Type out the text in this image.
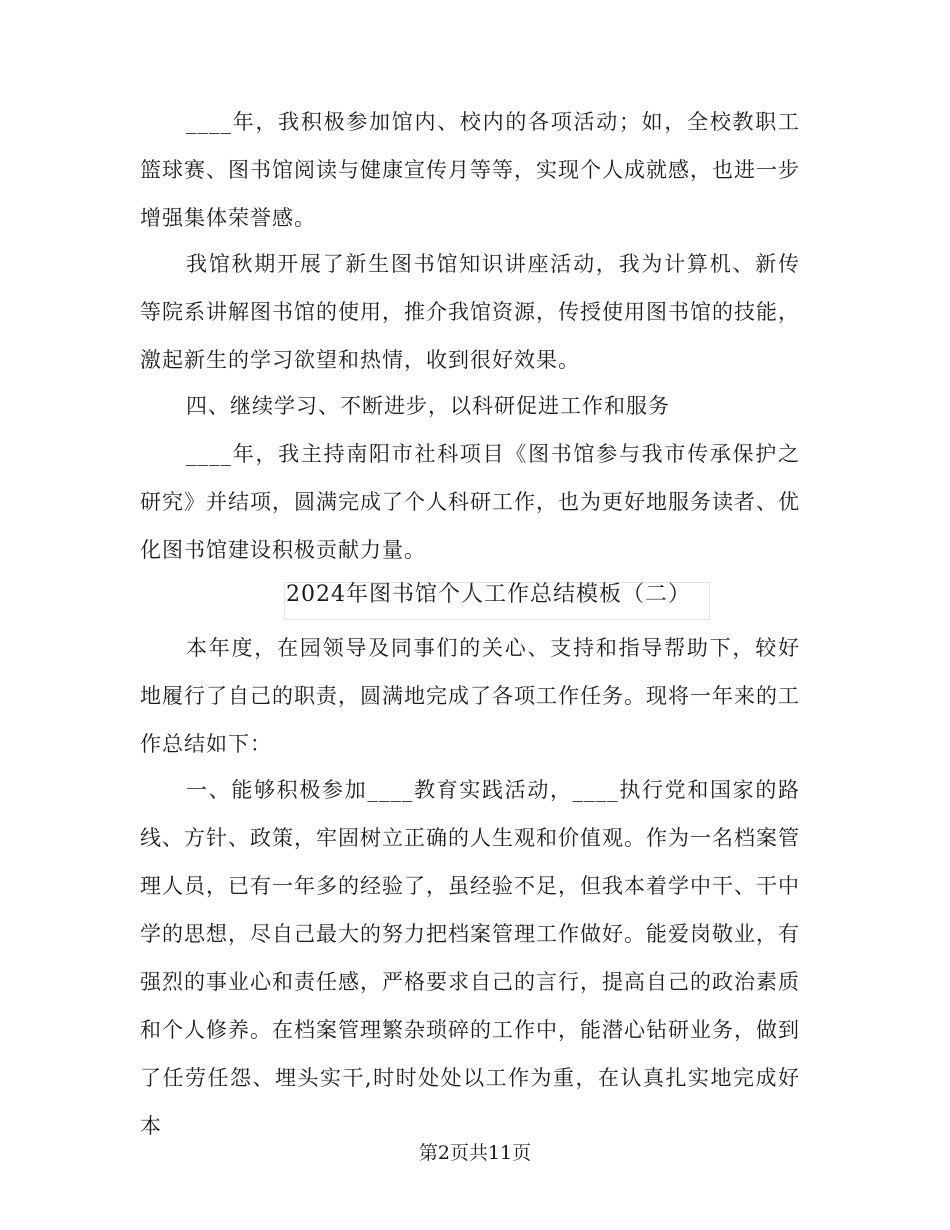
____年，我积极参加馆内、校内的各项活动；如，全校教职工篮球赛、图书馆阅读与健康宣传月等等，实现个人成就感，也进一步增强集体荣誉感。

我馆秋期开展了新生图书馆知识讲座活动，我为计算机、新传等院系讲解图书馆的使用，推介我馆资源，传授使用图书馆的技能，激起新生的学习欲望和热情，收到很好效果。

四、继续学习、不断进步，以科研促进工作和服务

____年，我主持南阳市社科项目《图书馆参与我市传承保护之研究》并结项，圆满完成了个人科研工作，也为更好地服务读者、优化图书馆建设积极贡献力量。

2024年图书馆个人工作总结模板（二）

本年度，在园领导及同事们的关心、支持和指导帮助下，较好地履行了自己的职责，圆满地完成了各项工作任务。现将一年来的工作总结如下：

一、能够积极参加____教育实践活动，____执行党和国家的路线、方针、政策，牢固树立正确的人生观和价值观。作为一名档案管理人员，已有一年多的经验了，虽经验不足，但我本着学中干、干中学的思想，尽自己最大的努力把档案管理工作做好。能爱岗敬业，有强烈的事业心和责任感，严格要求自己的言行，提高自己的政治素质和个人修养。在档案管理繁杂琐碎的工作中，能潜心钻研业务，做到了任劳任怨、埋头实干,时时处处以工作为重，在认真扎实地完成好本

第2页共11页
